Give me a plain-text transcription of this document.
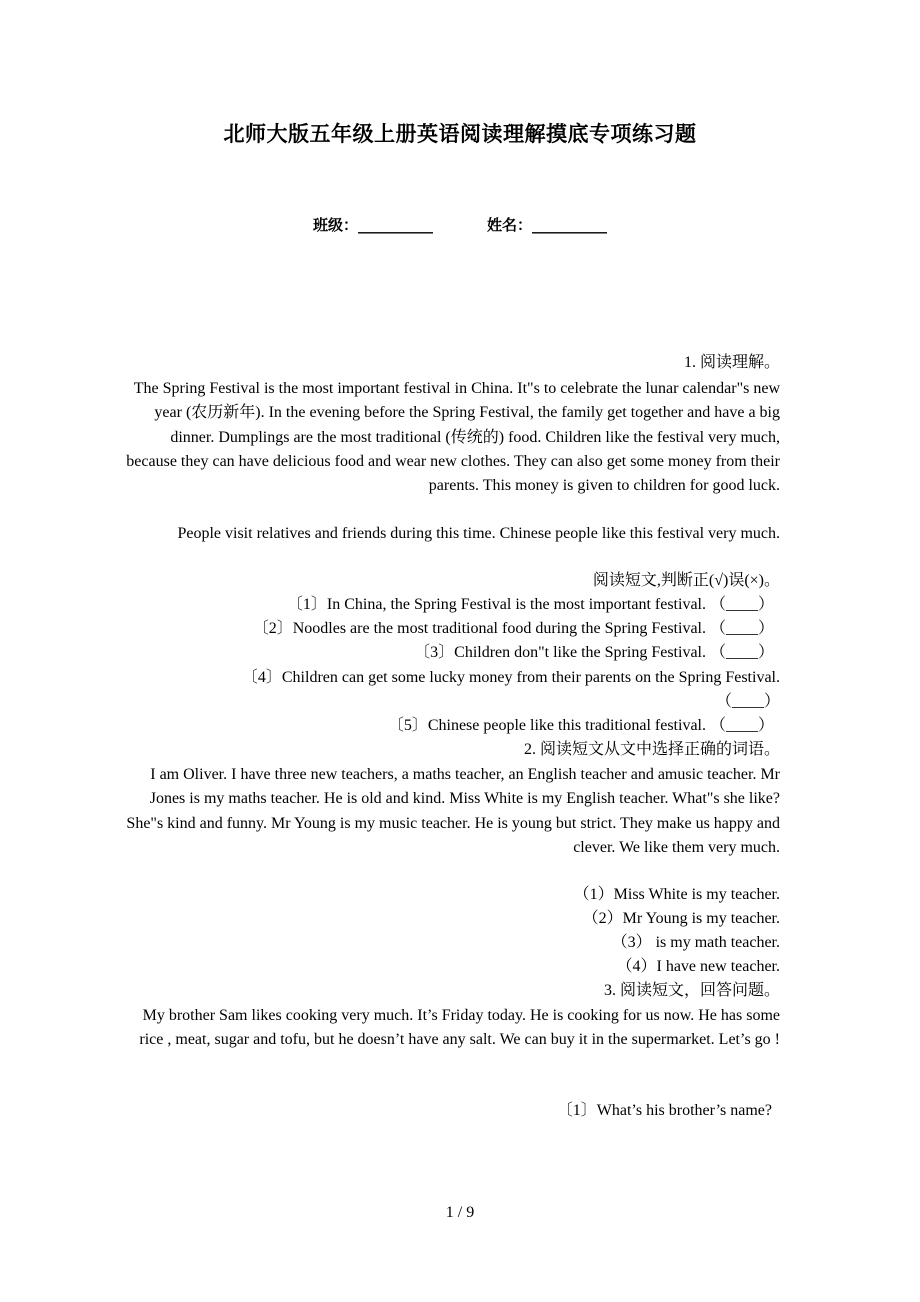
北师大版五年级上册英语阅读理解摸底专项练习题
班级：__________	姓名：__________
1. 阅读理解。
The Spring Festival is the most important festival in China. It"s to celebrate the lunar calendar"s new year (农历新年). In the evening before the Spring Festival, the family get together and have a big dinner. Dumplings are the most traditional (传统的) food. Children like the festival very much, because they can have delicious food and wear new clothes. They can also get some money from their parents. This money is given to children for good luck.
People visit relatives and friends during this time. Chinese people like this festival very much.
阅读短文,判断正(√)误(×)。
〔1〕In China, the Spring Festival is the most important festival. （____）
〔2〕Noodles are the most traditional food during the Spring Festival. （____）
〔3〕Children don"t like the Spring Festival. （____）
〔4〕Children can get some lucky money from their parents on the Spring Festival. （____）
〔5〕Chinese people like this traditional festival. （____）
2. 阅读短文从文中选择正确的词语。
I am Oliver. I have three new teachers, a maths teacher, an English teacher and amusic teacher. Mr Jones is my maths teacher. He is old and kind. Miss White is my English teacher. What"s she like? She"s kind and funny. Mr Young is my music teacher. He is young but strict. They make us happy and clever. We like them very much.
（1）Miss White is my teacher.
（2）Mr Young is my teacher.
（3） is my math teacher.
（4）I have new teacher.
3. 阅读短文，回答问题。
My brother Sam likes cooking very much. It’s Friday today. He is cooking for us now. He has some rice , meat, sugar and tofu, but he doesn’t have any salt. We can buy it in the supermarket. Let’s go !
〔1〕What’s his brother’s name?
1 / 9
